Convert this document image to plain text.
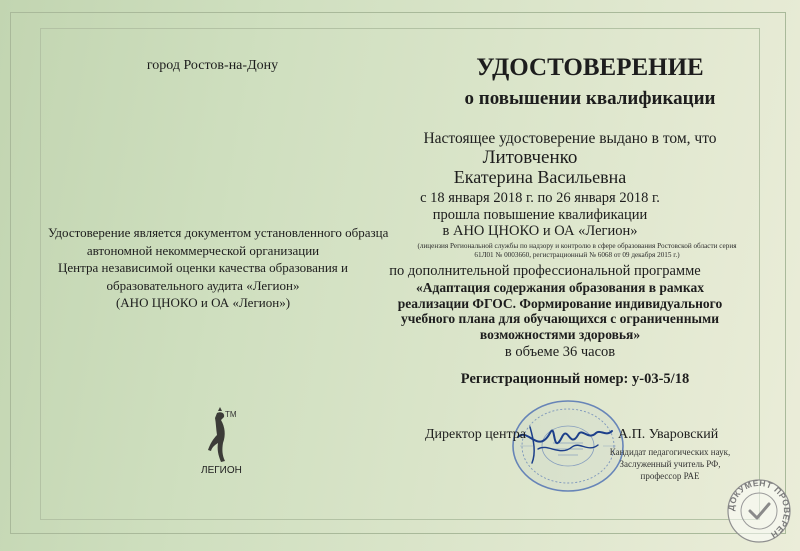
город Ростов-на-Дону
Удостоверение является документом установленного образца
автономной некоммерческой организации
Центра независимой оценки качества образования и
образовательного аудита «Легион»
(АНО ЦНОКО и ОА «Легион»)
TM
ЛЕГИОН
УДОСТОВЕРЕНИЕ
о повышении квалификации
Настоящее удостоверение выдано в том, что
Литовченко
Екатерина Васильевна
с 18 января 2018 г. по 26 января 2018 г.
прошла повышение квалификации
в АНО ЦНОКО и ОА «Легион»
(лицензия Региональной службы по надзору и контролю в сфере образования Ростовской области серия
61Л01 № 0003660, регистрационный № 6068 от 09 декабря 2015 г.)
по дополнительной профессиональной программе
«Адаптация содержания образования в рамках
реализации ФГОС. Формирование индивидуального
учебного плана для обучающихся с ограниченными
возможностями здоровья»
в объеме 36 часов
Регистрационный номер: у-03-5/18
Директор центра	А.П. Уваровский
Кандидат педагогических наук,
Заслуженный учитель РФ,
профессор РАЕ
ДОКУМЕНТ ПРОВЕРЕН
